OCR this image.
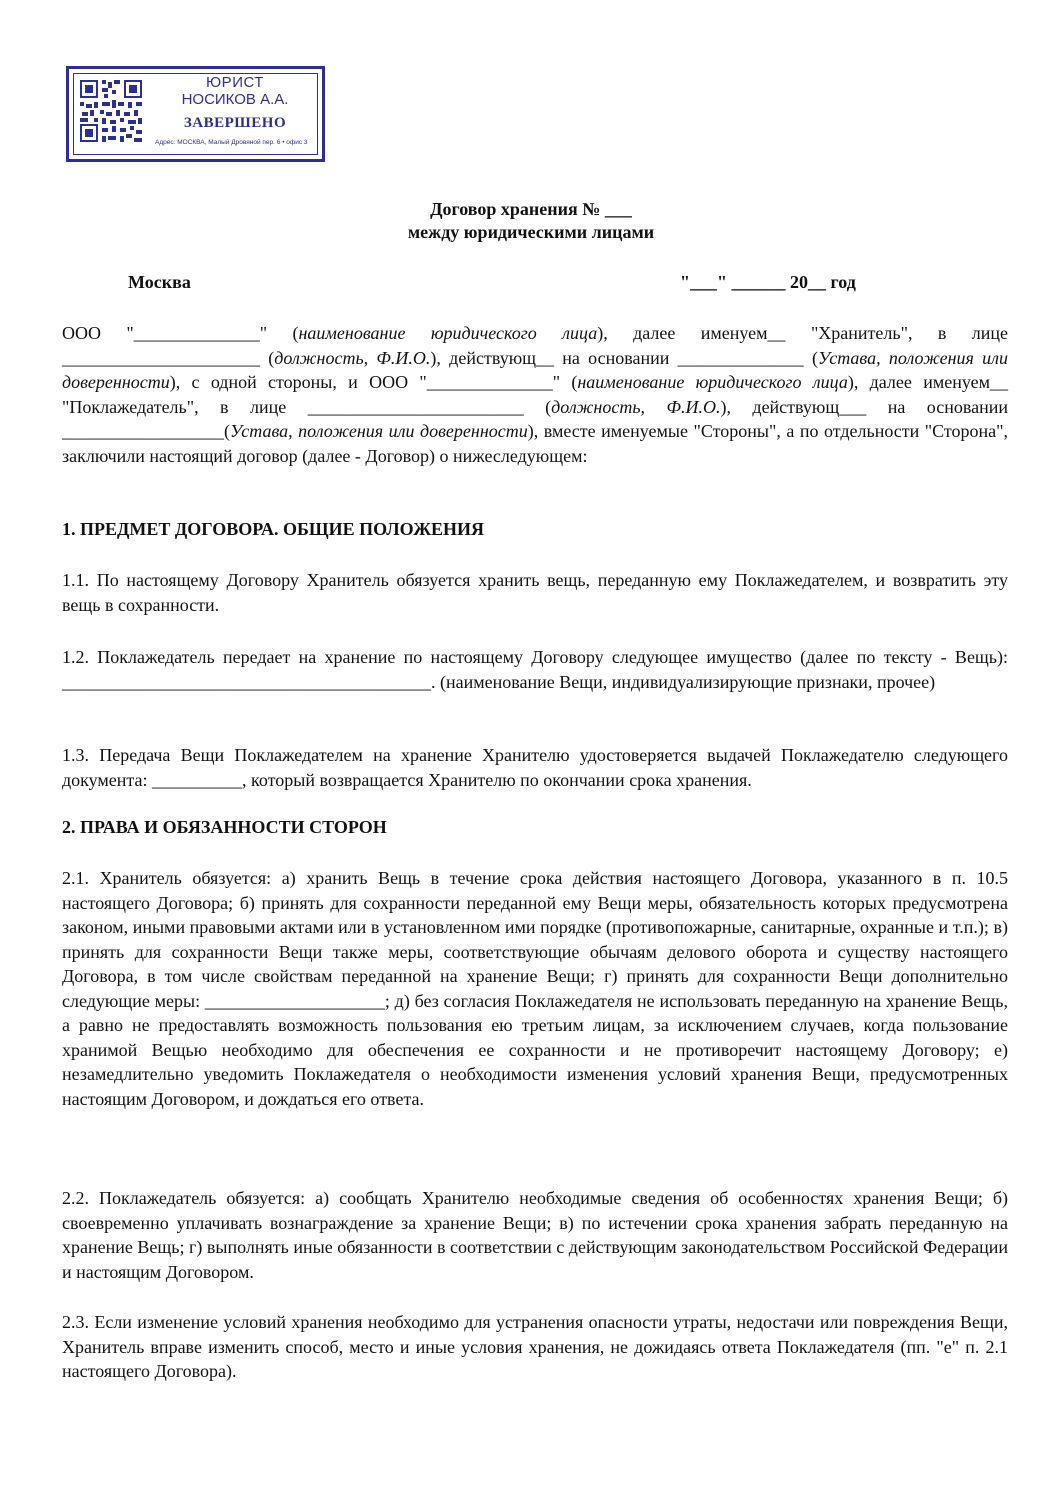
ЮРИСТ
НОСИКОВ А.А.
ЗАВЕРШЕНО
Адрес: МОСКВА, Малый Дровяной пер. 6 • офис 3
Договор хранения № ___
между юридическими лицами
Москва	"___" ______ 20__ год

ООО "______________" (наименование юридического лица), далее именуем__ "Хранитель", в лице ______________________ (должность, Ф.И.О.), действующ__ на основании ______________ (Устава, положения или доверенности), с одной стороны, и ООО "______________" (наименование юридического лица), далее именуем__ "Поклажедатель", в лице ________________________ (должность, Ф.И.О.), действующ___ на основании __________________(Устава, положения или доверенности), вместе именуемые "Стороны", а по отдельности "Сторона", заключили настоящий договор (далее - Договор) о нижеследующем:

1. ПРЕДМЕТ ДОГОВОРА. ОБЩИЕ ПОЛОЖЕНИЯ

1.1. По настоящему Договору Хранитель обязуется хранить вещь, переданную ему Поклажедателем, и возвратить эту вещь в сохранности.

1.2. Поклажедатель передает на хранение по настоящему Договору следующее имущество (далее по тексту - Вещь): _________________________________________. (наименование Вещи, индивидуализирующие признаки, прочее)

1.3. Передача Вещи Поклажедателем на хранение Хранителю удостоверяется выдачей Поклажедателю следующего документа: __________, который возвращается Хранителю по окончании срока хранения.

2. ПРАВА И ОБЯЗАННОСТИ СТОРОН

2.1. Хранитель обязуется: а) хранить Вещь в течение срока действия настоящего Договора, указанного в п. 10.5 настоящего Договора; б) принять для сохранности переданной ему Вещи меры, обязательность которых предусмотрена законом, иными правовыми актами или в установленном ими порядке (противопожарные, санитарные, охранные и т.п.); в) принять для сохранности Вещи также меры, соответствующие обычаям делового оборота и существу настоящего Договора, в том числе свойствам переданной на хранение Вещи; г) принять для сохранности Вещи дополнительно следующие меры: ____________________; д) без согласия Поклажедателя не использовать переданную на хранение Вещь, а равно не предоставлять возможность пользования ею третьим лицам, за исключением случаев, когда пользование хранимой Вещью необходимо для обеспечения ее сохранности и не противоречит настоящему Договору; е) незамедлительно уведомить Поклажедателя о необходимости изменения условий хранения Вещи, предусмотренных настоящим Договором, и дождаться его ответа.

2.2. Поклажедатель обязуется: а) сообщать Хранителю необходимые сведения об особенностях хранения Вещи; б) своевременно уплачивать вознаграждение за хранение Вещи; в) по истечении срока хранения забрать переданную на хранение Вещь; г) выполнять иные обязанности в соответствии с действующим законодательством Российской Федерации и настоящим Договором.

2.3. Если изменение условий хранения необходимо для устранения опасности утраты, недостачи или повреждения Вещи, Хранитель вправе изменить способ, место и иные условия хранения, не дожидаясь ответа Поклажедателя (пп. "е" п. 2.1 настоящего Договора).
